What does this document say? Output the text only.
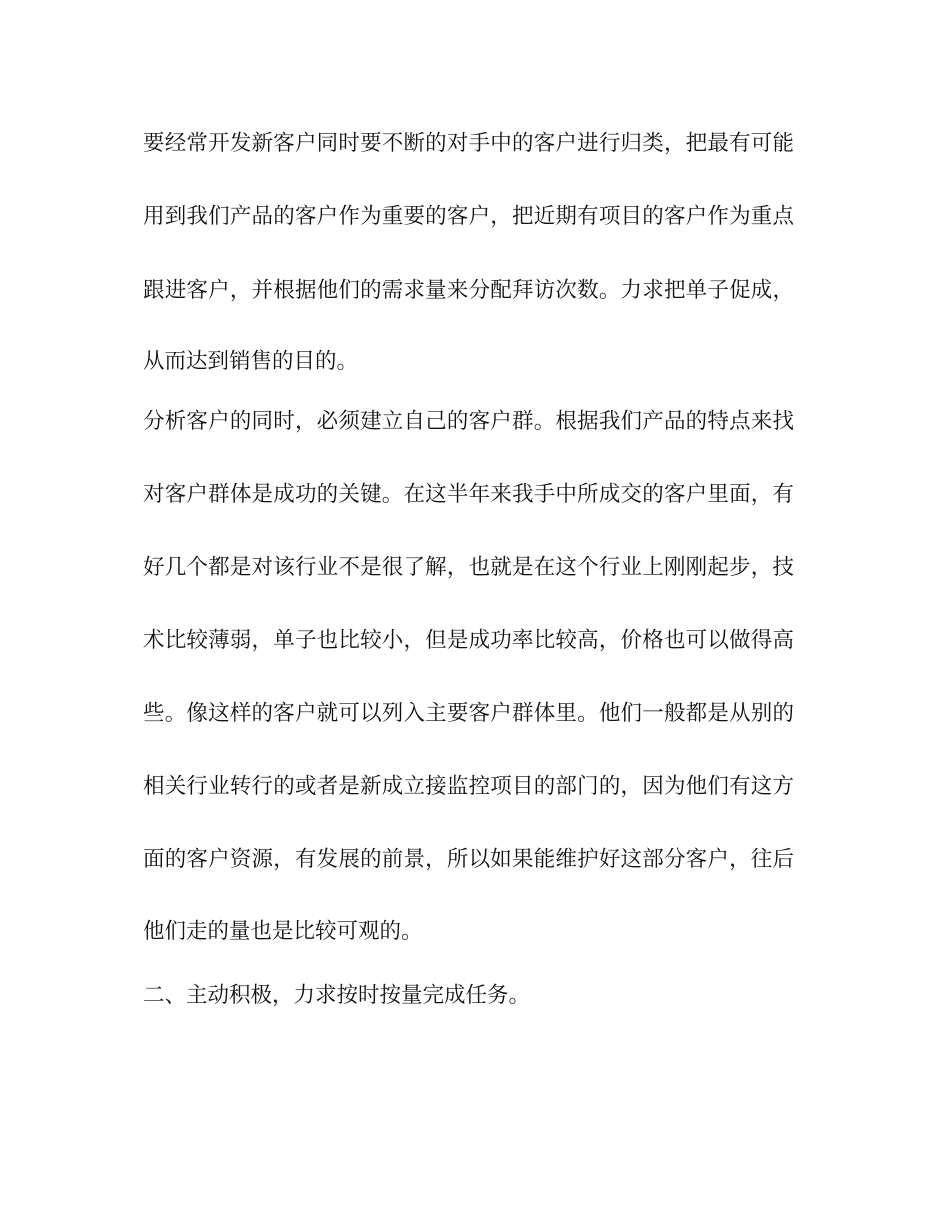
要经常开发新客户同时要不断的对手中的客户进行归类，把最有可能
用到我们产品的客户作为重要的客户，把近期有项目的客户作为重点
跟进客户，并根据他们的需求量来分配拜访次数。力求把单子促成，
从而达到销售的目的。
分析客户的同时，必须建立自己的客户群。根据我们产品的特点来找
对客户群体是成功的关键。在这半年来我手中所成交的客户里面，有
好几个都是对该行业不是很了解，也就是在这个行业上刚刚起步，技
术比较薄弱，单子也比较小，但是成功率比较高，价格也可以做得高
些。像这样的客户就可以列入主要客户群体里。他们一般都是从别的
相关行业转行的或者是新成立接监控项目的部门的，因为他们有这方
面的客户资源，有发展的前景，所以如果能维护好这部分客户，往后
他们走的量也是比较可观的。
二、主动积极，力求按时按量完成任务。
